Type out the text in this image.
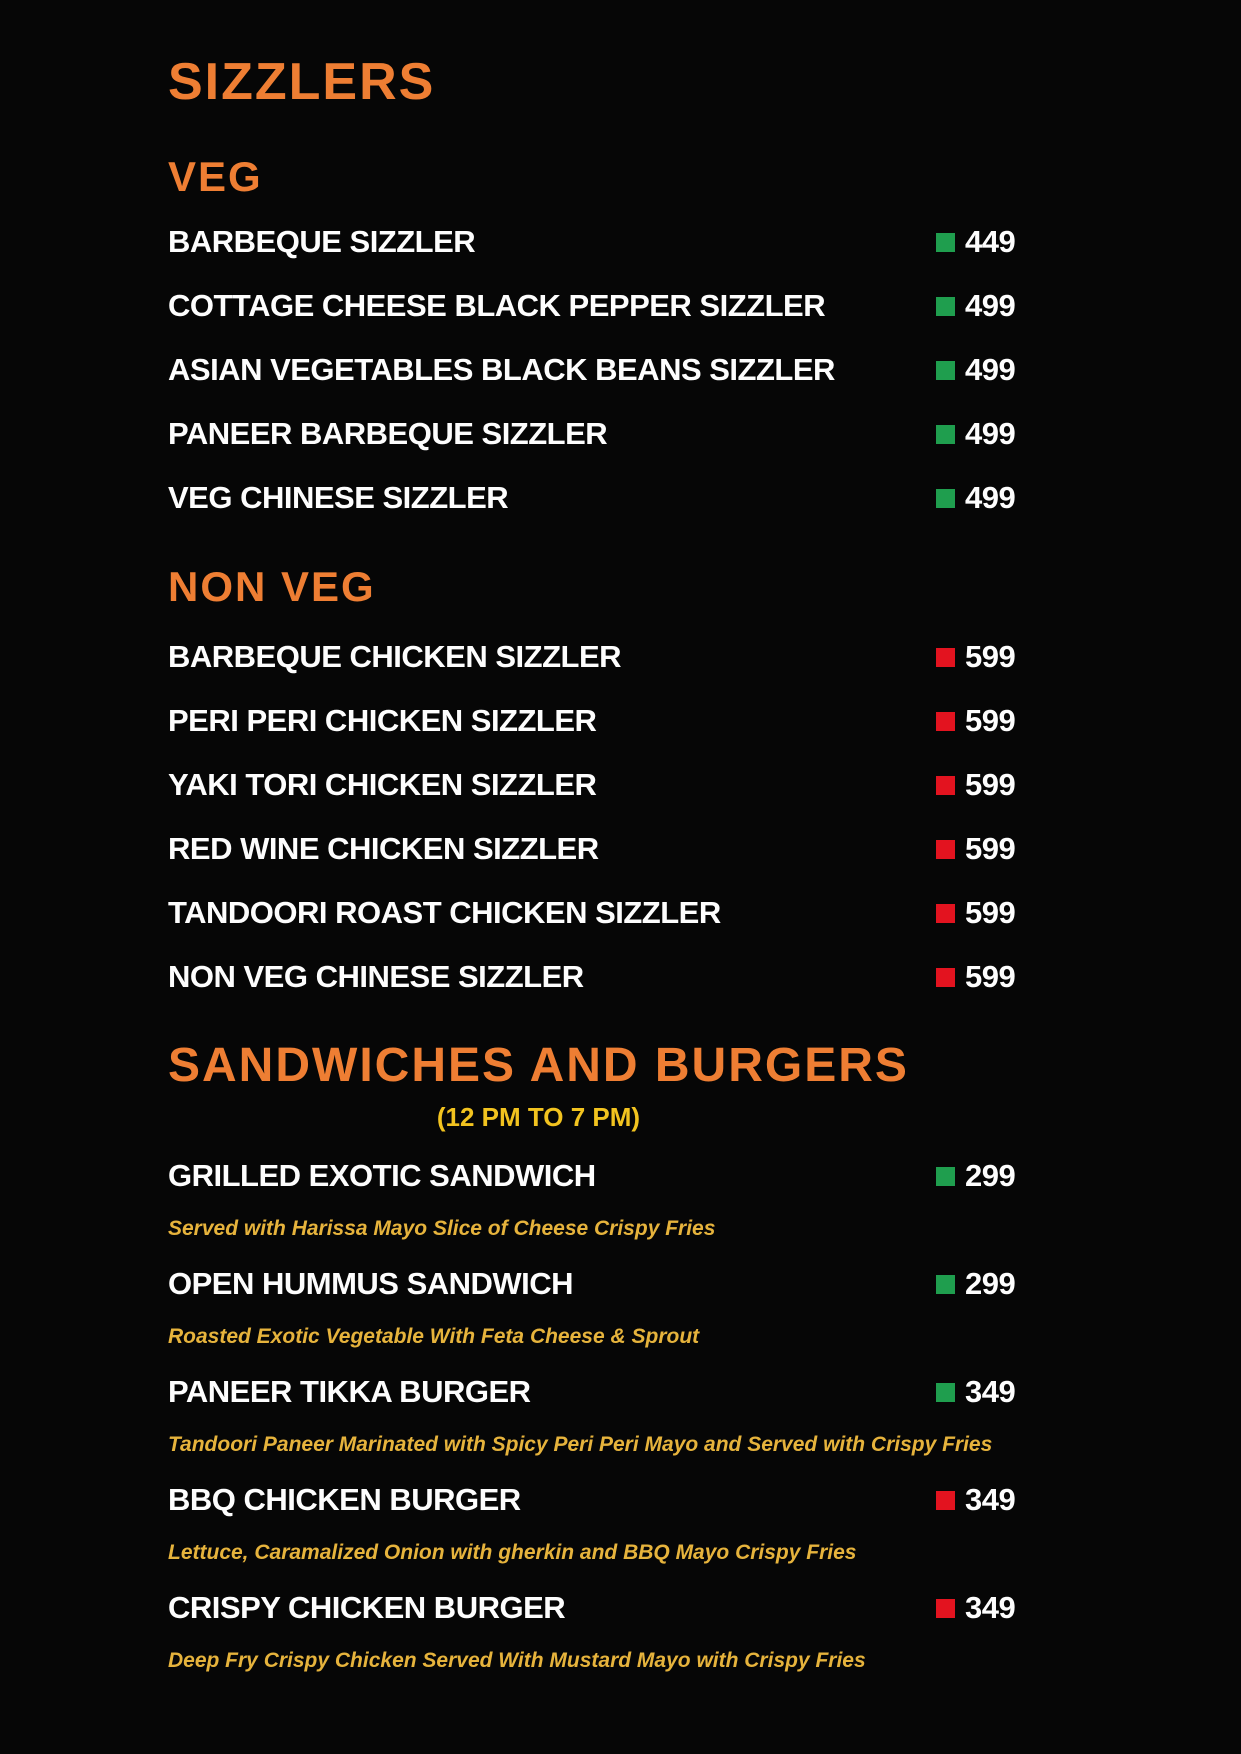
SIZZLERS
VEG
BARBEQUE SIZZLER	449
COTTAGE CHEESE BLACK PEPPER SIZZLER	499
ASIAN VEGETABLES BLACK BEANS SIZZLER	499
PANEER BARBEQUE SIZZLER	499
VEG CHINESE SIZZLER	499
NON VEG
BARBEQUE CHICKEN SIZZLER	599
PERI PERI CHICKEN SIZZLER	599
YAKI TORI CHICKEN SIZZLER	599
RED WINE CHICKEN SIZZLER	599
TANDOORI ROAST CHICKEN SIZZLER	599
NON VEG CHINESE SIZZLER	599
SANDWICHES AND BURGERS
(12 PM TO 7 PM)
GRILLED EXOTIC SANDWICH	299
Served with Harissa Mayo Slice of Cheese Crispy Fries
OPEN HUMMUS SANDWICH	299
Roasted Exotic Vegetable With Feta Cheese & Sprout
PANEER TIKKA BURGER	349
Tandoori Paneer Marinated with Spicy Peri Peri Mayo and Served with Crispy Fries
BBQ CHICKEN BURGER	349
Lettuce, Caramalized Onion with gherkin and BBQ Mayo Crispy Fries
CRISPY CHICKEN BURGER	349
Deep Fry Crispy Chicken Served With Mustard Mayo with Crispy Fries
